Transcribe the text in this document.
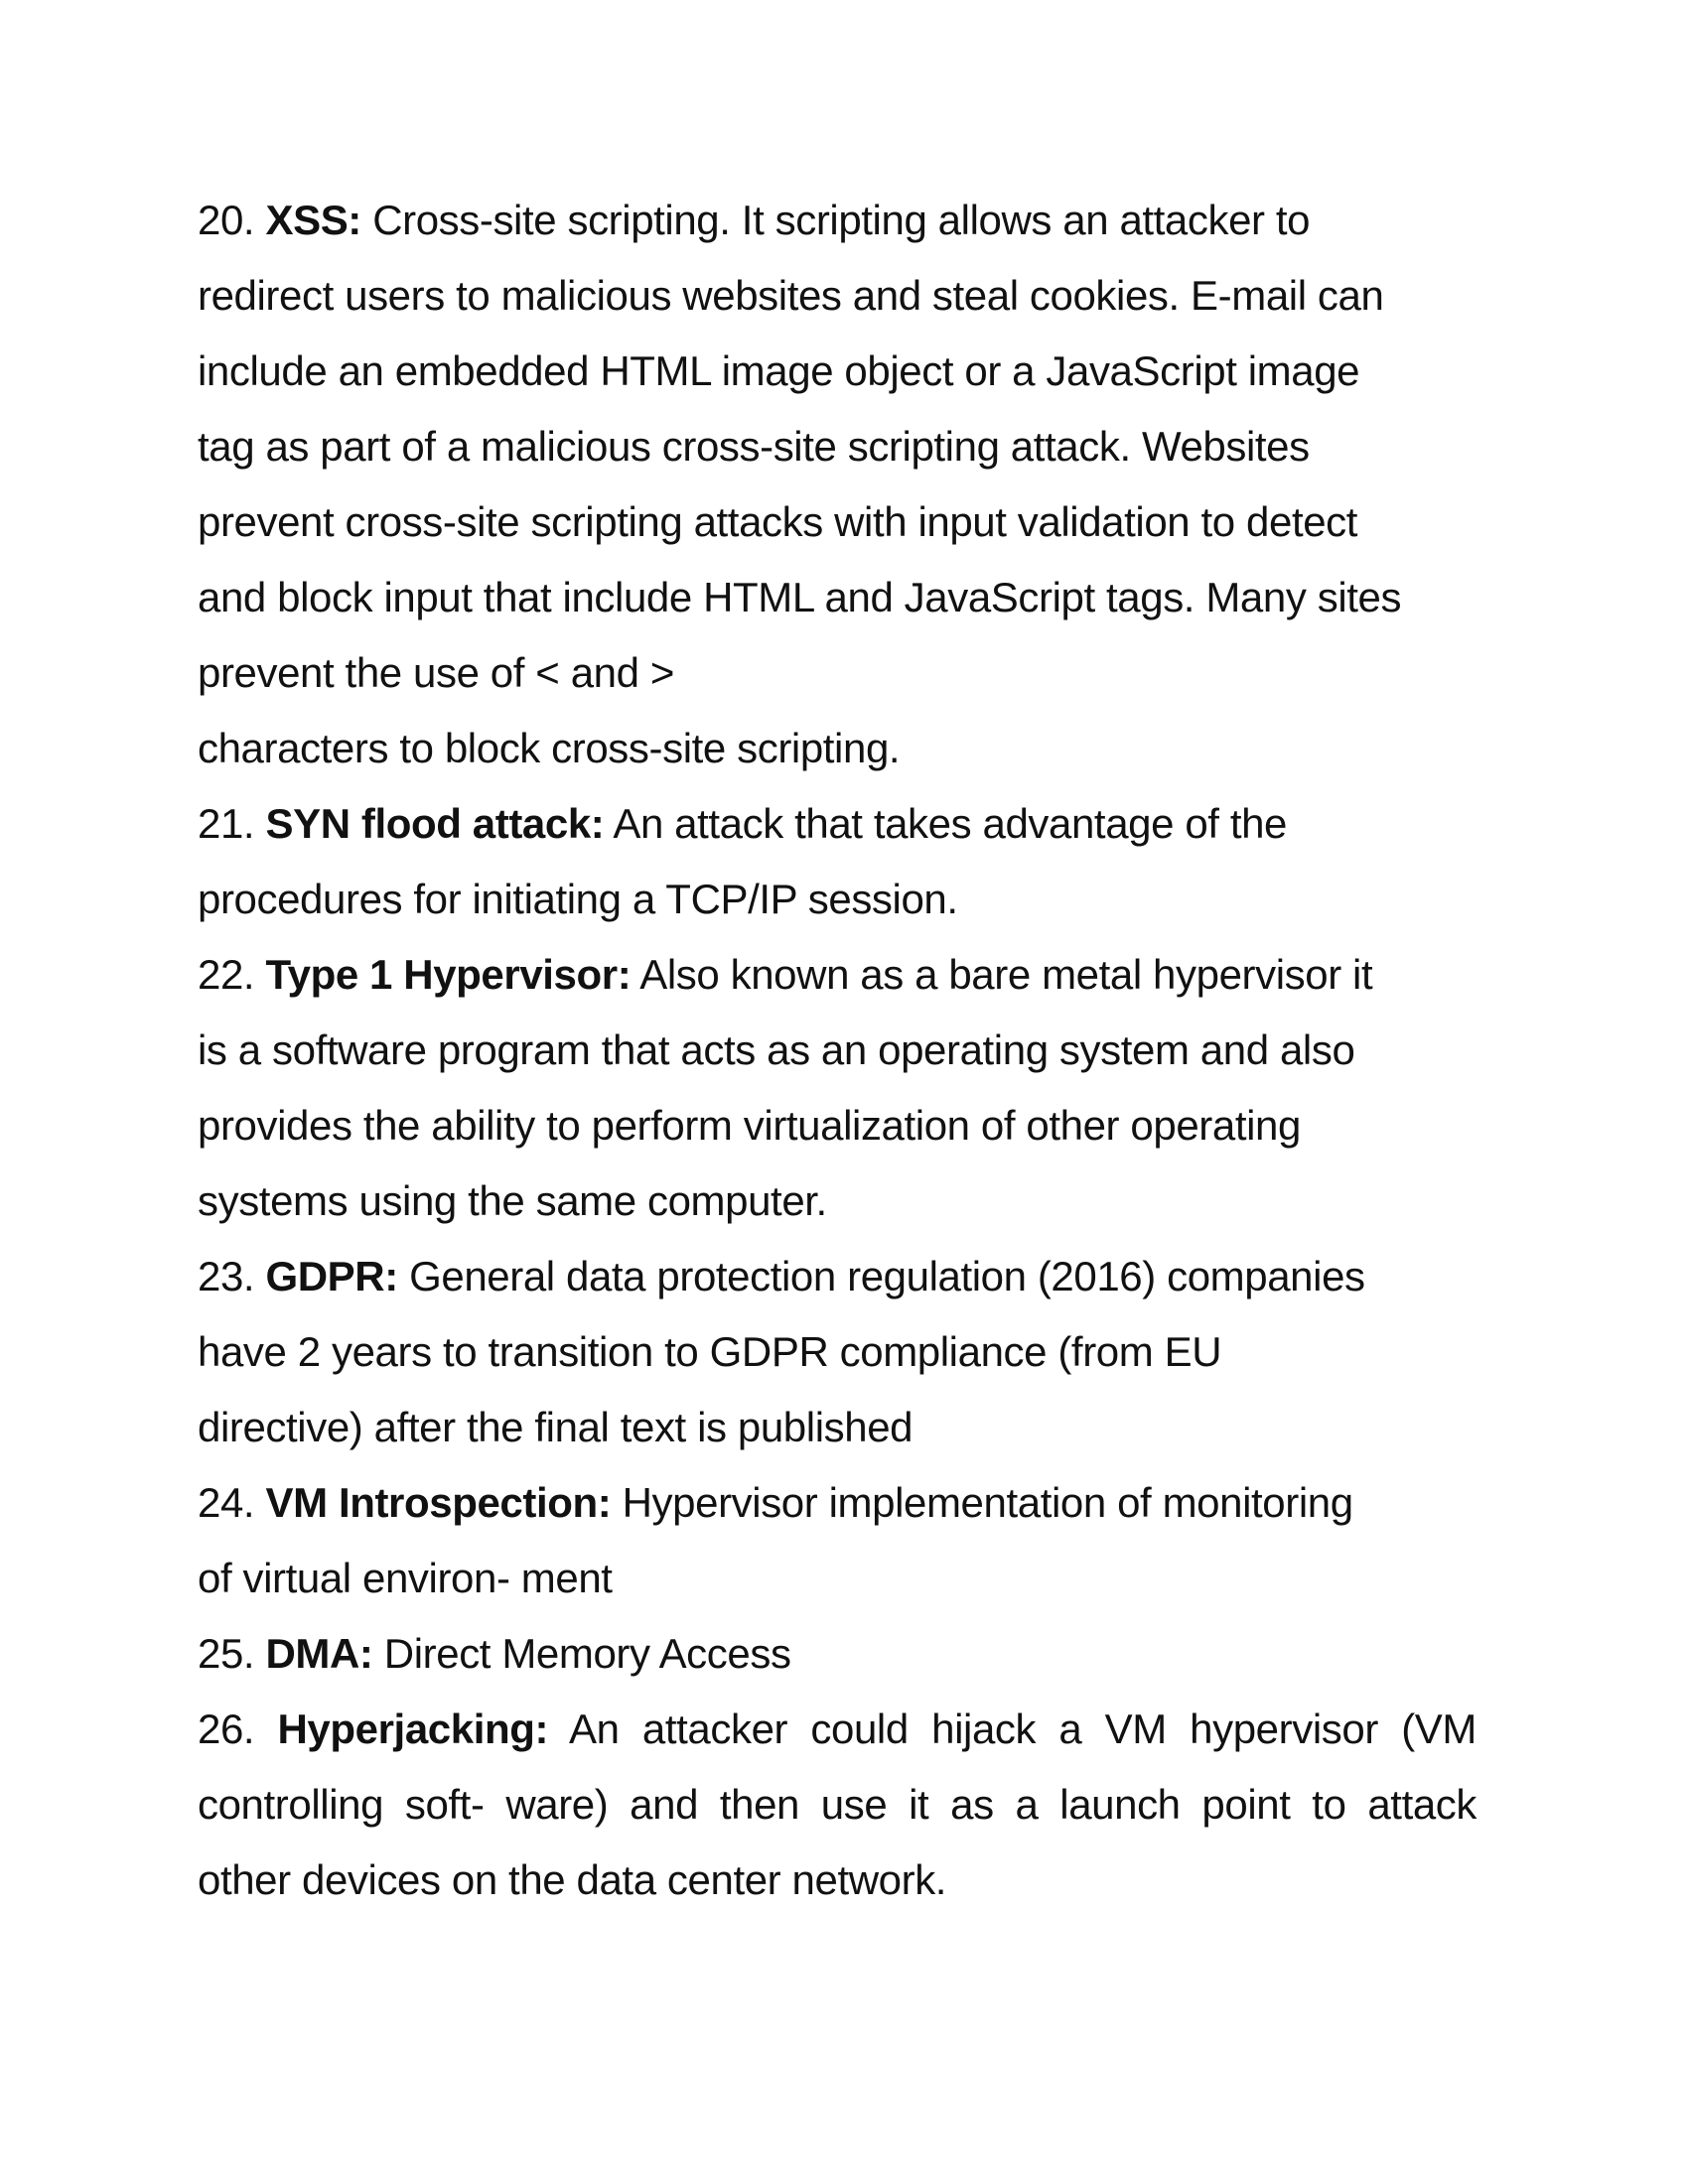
20. XSS: Cross-site scripting. It scripting allows an attacker to
redirect users to malicious websites and steal cookies. E-mail can
include an embedded HTML image object or a JavaScript image
tag as part of a malicious cross-site scripting attack. Websites
prevent cross-site scripting attacks with input validation to detect
and block input that include HTML and JavaScript tags. Many sites
prevent the use of < and >
characters to block cross-site scripting.
21. SYN flood attack: An attack that takes advantage of the
procedures for initiating a TCP/IP session.
22. Type 1 Hypervisor: Also known as a bare metal hypervisor it
is a software program that acts as an operating system and also
provides the ability to perform virtualization of other operating
systems using the same computer.
23. GDPR: General data protection regulation (2016) companies
have 2 years to transition to GDPR compliance (from EU
directive) after the final text is published
24. VM Introspection: Hypervisor implementation of monitoring
of virtual environ- ment
25. DMA: Direct Memory Access
26. Hyperjacking: An attacker could hijack a VM hypervisor (VM
controlling soft- ware) and then use it as a launch point to attack
other devices on the data center network.
